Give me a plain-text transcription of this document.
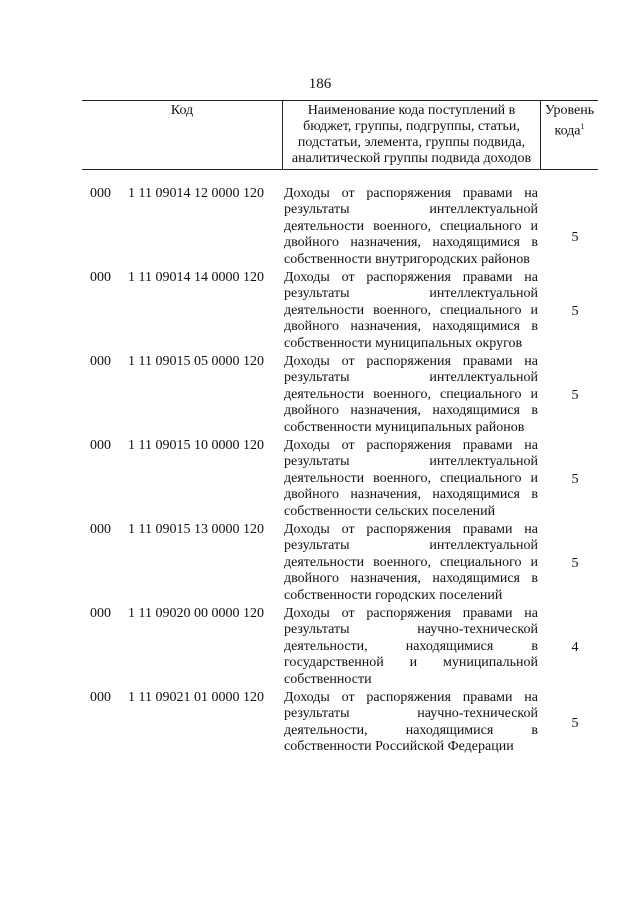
186
Код	Наименование кода поступлений в бюджет, группы, подгруппы, статьи, подстатьи, элемента, группы подвида, аналитической группы подвида доходов
Уровень кода$^1$
000 1 11 09014 12 0000 120 Доходы от распоряжения правами на результаты интеллектуальной деятельности военного, специального и двойного назначения, находящимися в собственности внутригородских районов
5
000 1 11 09014 14 0000 120 Доходы от распоряжения правами на результаты интеллектуальной деятельности военного, специального и двойного назначения, находящимися в собственности муниципальных округов
5
000 1 11 09015 05 0000 120 Доходы от распоряжения правами на результаты интеллектуальной деятельности военного, специального и двойного назначения, находящимися в собственности муниципальных районов
5
000 1 11 09015 10 0000 120 Доходы от распоряжения правами на результаты интеллектуальной деятельности военного, специального и двойного назначения, находящимися в собственности сельских поселений
5
000 1 11 09015 13 0000 120 Доходы от распоряжения правами на результаты интеллектуальной деятельности военного, специального и двойного назначения, находящимися в собственности городских поселений
5
000 1 11 09020 00 0000 120 Доходы от распоряжения правами на результаты научно-технической деятельности, находящимися в государственной и муниципальной собственности
4
000 1 11 09021 01 0000 120 Доходы от распоряжения правами на результаты научно-технической деятельности, находящимися в собственности Российской Федерации
5
